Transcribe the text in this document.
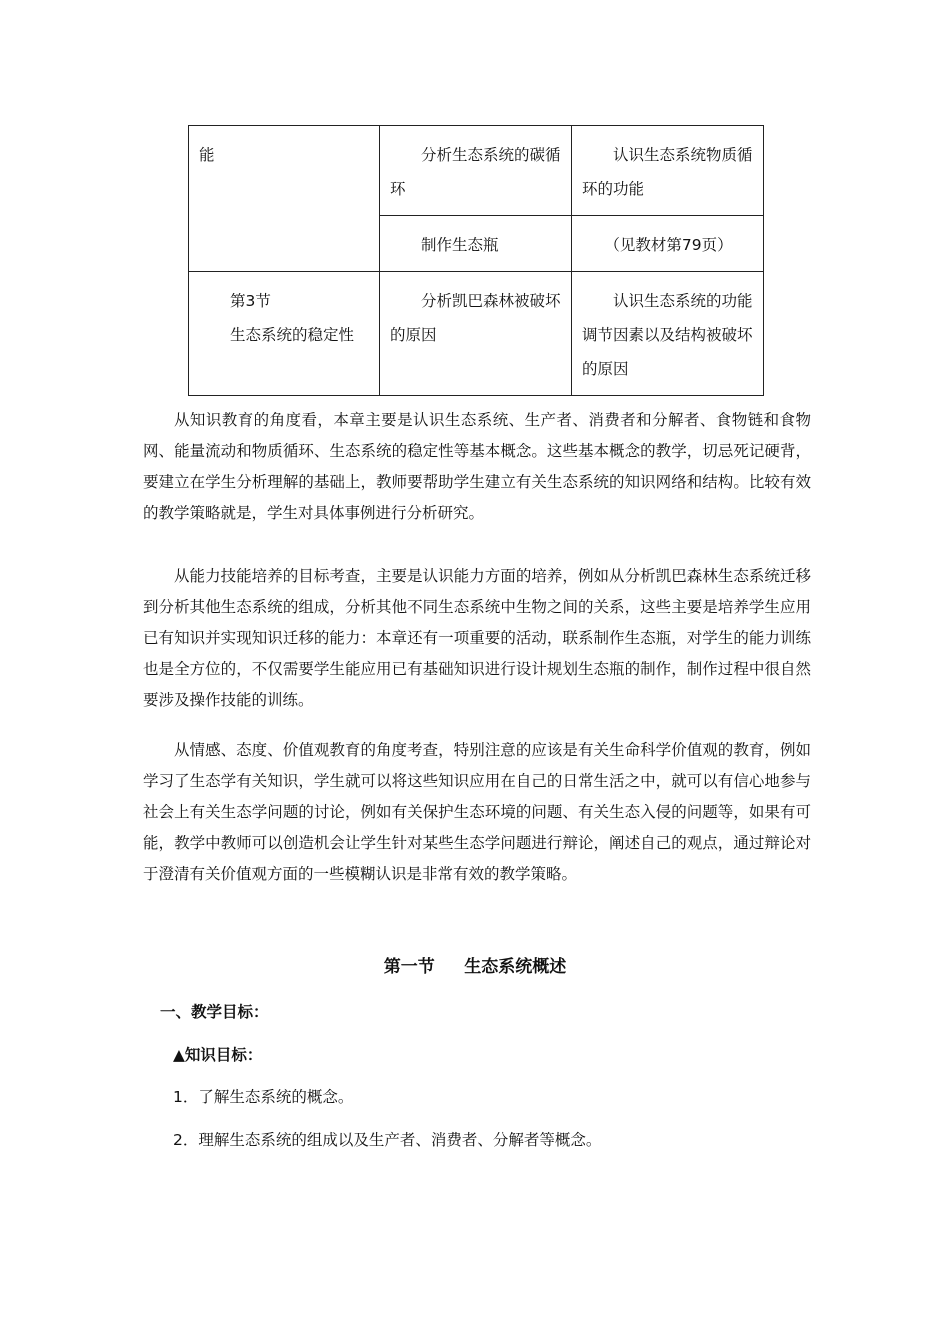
能	分析生态系统的碳循环	认识生态系统物质循环的功能
	制作生态瓶	（见教材第79页）

第3节
生态系统的稳定性	分析凯巴森林被破坏的原因	认识生态系统的功能调节因素以及结构被破坏的原因

从知识教育的角度看，本章主要是认识生态系统、生产者、消费者和分解者、食物链和食物网、能量流动和物质循环、生态系统的稳定性等基本概念。这些基本概念的教学，切忌死记硬背，要建立在学生分析理解的基础上，教师要帮助学生建立有关生态系统的知识网络和结构。比较有效的教学策略就是，学生对具体事例进行分析研究。

从能力技能培养的目标考查，主要是认识能力方面的培养，例如从分析凯巴森林生态系统迁移到分析其他生态系统的组成，分析其他不同生态系统中生物之间的关系，这些主要是培养学生应用已有知识并实现知识迁移的能力：本章还有一项重要的活动，联系制作生态瓶，对学生的能力训练也是全方位的，不仅需要学生能应用已有基础知识进行设计规划生态瓶的制作，制作过程中很自然要涉及操作技能的训练。

从情感、态度、价值观教育的角度考查，特别注意的应该是有关生命科学价值观的教育，例如学习了生态学有关知识，学生就可以将这些知识应用在自己的日常生活之中，就可以有信心地参与社会上有关生态学问题的讨论，例如有关保护生态环境的问题、有关生态入侵的问题等，如果有可能，教学中教师可以创造机会让学生针对某些生态学问题进行辩论，阐述自己的观点，通过辩论对于澄清有关价值观方面的一些模糊认识是非常有效的教学策略。

第一节     生态系统概述

一、教学目标：

▲知识目标：

1．了解生态系统的概念。

2．理解生态系统的组成以及生产者、消费者、分解者等概念。
